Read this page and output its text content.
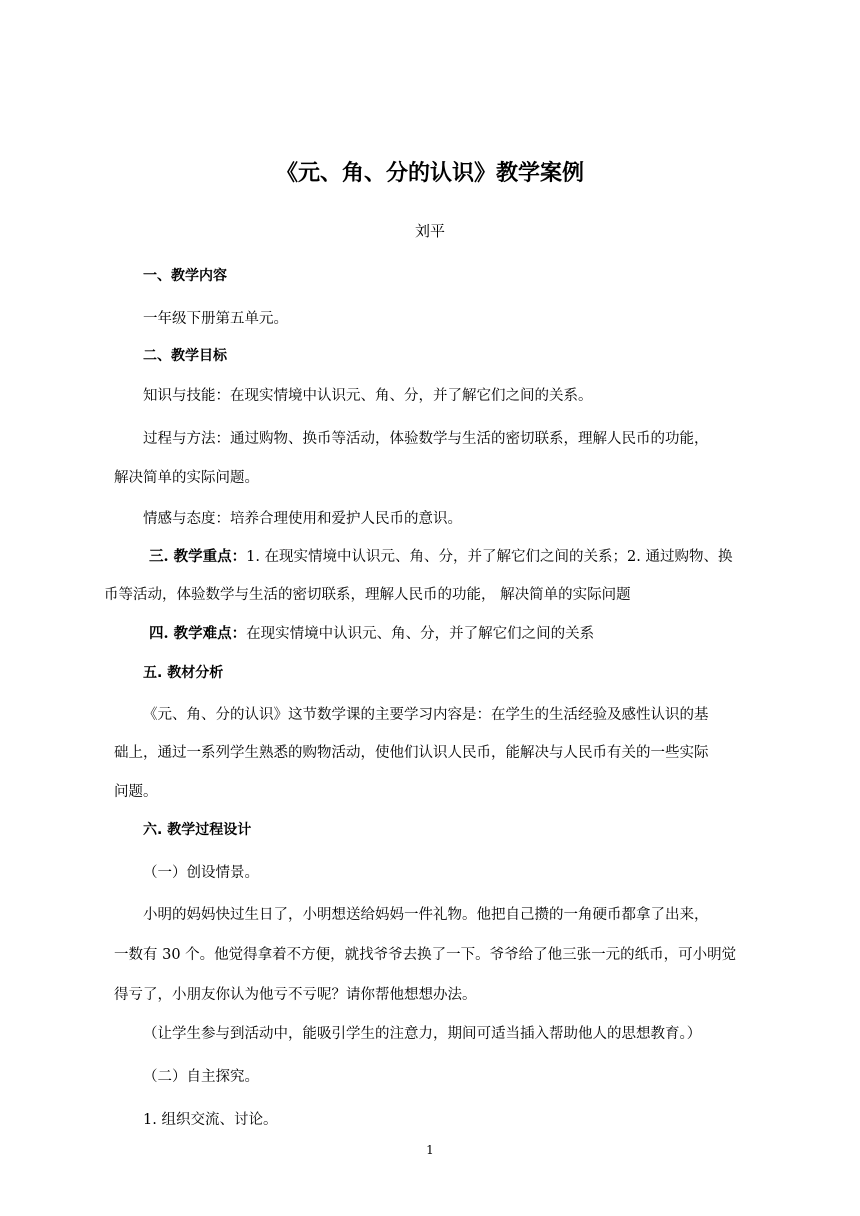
《元、角、分的认识》教学案例
刘平
一、教学内容
一年级下册第五单元。
二、教学目标
知识与技能：在现实情境中认识元、角、分，并了解它们之间的关系。
过程与方法：通过购物、换币等活动，体验数学与生活的密切联系，理解人民币的功能，
解决简单的实际问题。
情感与态度：培养合理使用和爱护人民币的意识。
三. 教学重点：1. 在现实情境中认识元、角、分，并了解它们之间的关系；2. 通过购物、换
币等活动，体验数学与生活的密切联系，理解人民币的功能， 解决简单的实际问题
四. 教学难点：在现实情境中认识元、角、分，并了解它们之间的关系
五. 教材分析
《元、角、分的认识》这节数学课的主要学习内容是：在学生的生活经验及感性认识的基
础上，通过一系列学生熟悉的购物活动，使他们认识人民币，能解决与人民币有关的一些实际
问题。
六. 教学过程设计
（一）创设情景。
小明的妈妈快过生日了，小明想送给妈妈一件礼物。他把自己攒的一角硬币都拿了出来，
一数有 30 个。他觉得拿着不方便，就找爷爷去换了一下。爷爷给了他三张一元的纸币，可小明觉
得亏了，小朋友你认为他亏不亏呢？请你帮他想想办法。
（让学生参与到活动中，能吸引学生的注意力，期间可适当插入帮助他人的思想教育。）
（二）自主探究。
1. 组织交流、讨论。
1
